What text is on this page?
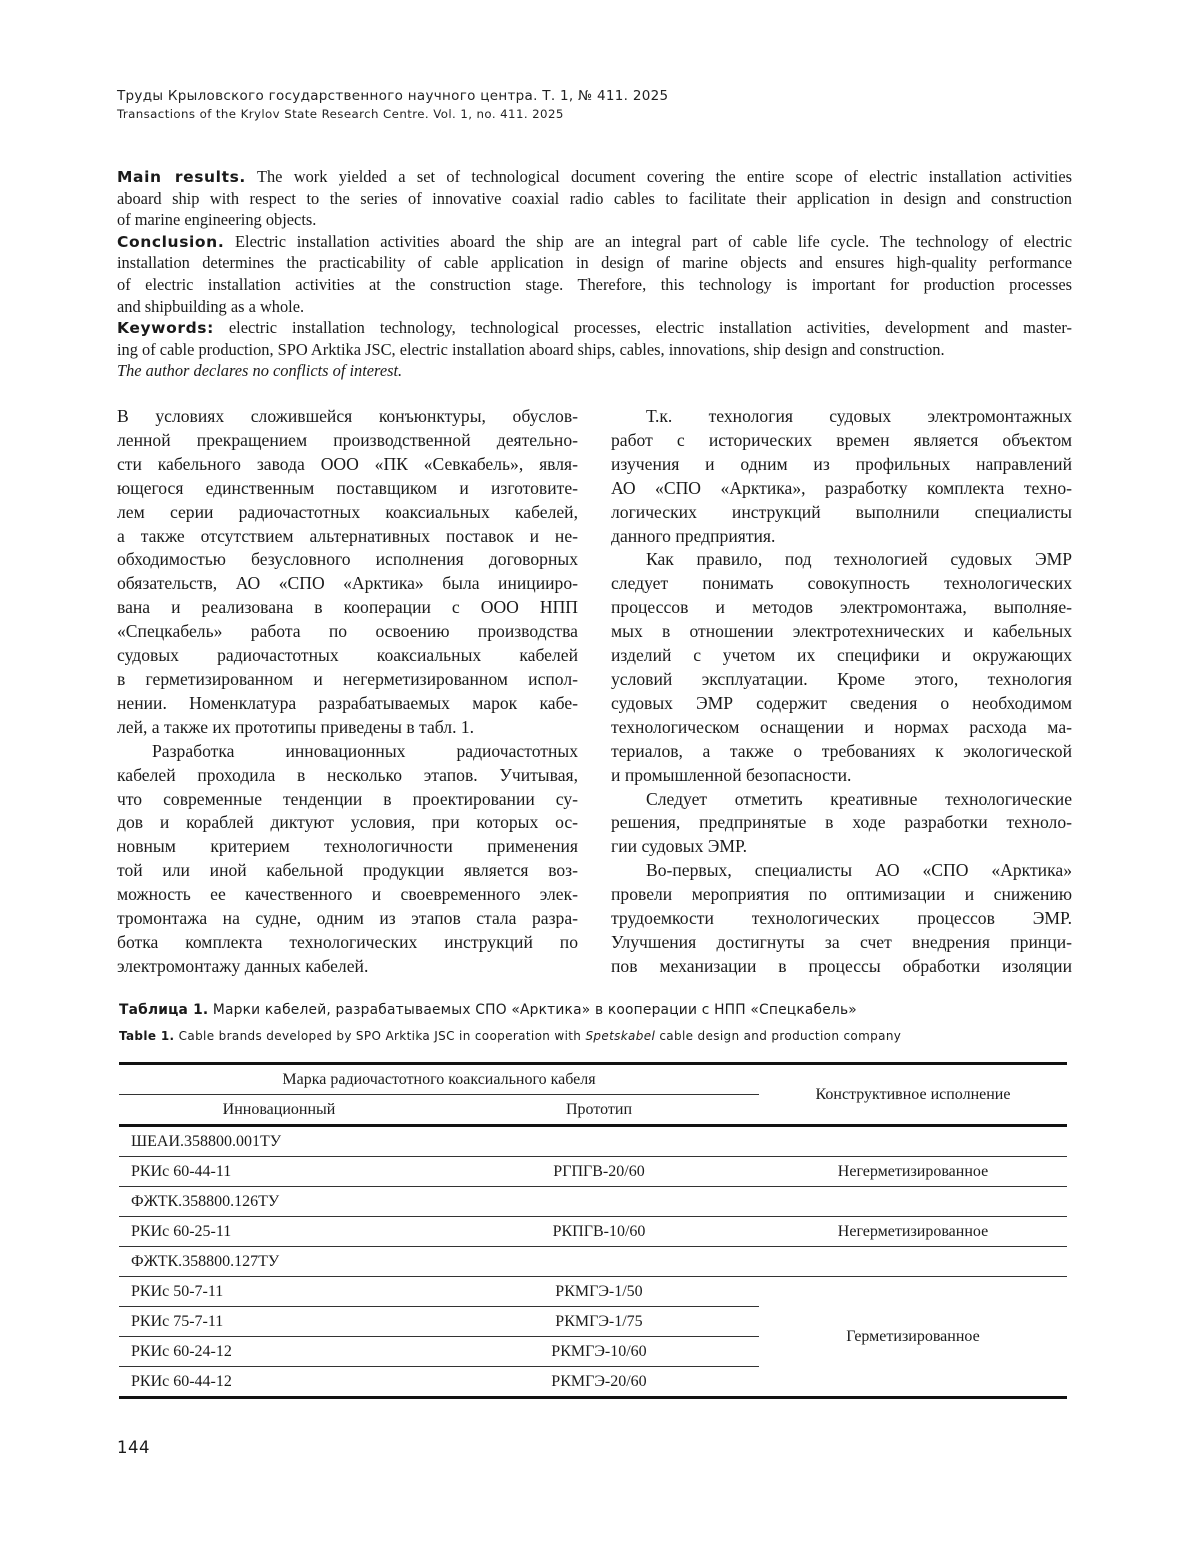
Труды Крыловского государственного научного центра. Т. 1, № 411. 2025
Transactions of the Krylov State Research Centre. Vol. 1, no. 411. 2025
Main results. The work yielded a set of technological document covering the entire scope of electric installation activities
aboard ship with respect to the series of innovative coaxial radio cables to facilitate their application in design and construction
of marine engineering objects.
Conclusion. Electric installation activities aboard the ship are an integral part of cable life cycle. The technology of electric
installation determines the practicability of cable application in design of marine objects and ensures high-quality performance
of electric installation activities at the construction stage. Therefore, this technology is important for production processes
and shipbuilding as a whole.
Keywords: electric installation technology, technological processes, electric installation activities, development and master-
ing of cable production, SPO Arktika JSC, electric installation aboard ships, cables, innovations, ship design and construction.
The author declares no conflicts of interest.
В условиях сложившейся конъюнктуры, обуслов-
ленной прекращением производственной деятельно-
сти кабельного завода ООО «ПК «Севкабель», явля-
ющегося единственным поставщиком и изготовите-
лем серии радиочастотных коаксиальных кабелей,
а также отсутствием альтернативных поставок и не-
обходимостью безусловного исполнения договорных
обязательств, АО «СПО «Арктика» была иницииро-
вана и реализована в кооперации с ООО НПП
«Спецкабель» работа по освоению производства
судовых радиочастотных коаксиальных кабелей
в герметизированном и негерметизированном испол-
нении. Номенклатура разрабатываемых марок кабе-
лей, а также их прототипы приведены в табл. 1.
Разработка инновационных радиочастотных
кабелей проходила в несколько этапов. Учитывая,
что современные тенденции в проектировании су-
дов и кораблей диктуют условия, при которых ос-
новным критерием технологичности применения
той или иной кабельной продукции является воз-
можность ее качественного и своевременного элек-
тромонтажа на судне, одним из этапов стала разра-
ботка комплекта технологических инструкций по
электромонтажу данных кабелей.
Т.к. технология судовых электромонтажных
работ с исторических времен является объектом
изучения и одним из профильных направлений
АО «СПО «Арктика», разработку комплекта техно-
логических инструкций выполнили специалисты
данного предприятия.
Как правило, под технологией судовых ЭМР
следует понимать совокупность технологических
процессов и методов электромонтажа, выполняе-
мых в отношении электротехнических и кабельных
изделий с учетом их специфики и окружающих
условий эксплуатации. Кроме этого, технология
судовых ЭМР содержит сведения о необходимом
технологическом оснащении и нормах расхода ма-
териалов, а также о требованиях к экологической
и промышленной безопасности.
Следует отметить креативные технологические
решения, предпринятые в ходе разработки техноло-
гии судовых ЭМР.
Во-первых, специалисты АО «СПО «Арктика»
провели мероприятия по оптимизации и снижению
трудоемкости технологических процессов ЭМР.
Улучшения достигнуты за счет внедрения принци-
пов механизации в процессы обработки изоляции
Таблица 1. Марки кабелей, разрабатываемых СПО «Арктика» в кооперации с НПП «Спецкабель»
Table 1. Cable brands developed by SPO Arktika JSC in cooperation with Spetskabel cable design and production company
Марка радиочастотного коаксиального кабеля	Конструктивное исполнение
Инновационный	Прототип
ШЕАИ.358800.001ТУ		
РКИс 60-44-11	РГПГВ-20/60	Негерметизированное
ФЖТК.358800.126ТУ		
РКИс 60-25-11	РКПГВ-10/60	Негерметизированное
ФЖТК.358800.127ТУ		
РКИс 50-7-11	РКМГЭ-1/50	Герметизированное
РКИс 75-7-11	РКМГЭ-1/75
РКИс 60-24-12	РКМГЭ-10/60
РКИс 60-44-12	РКМГЭ-20/60
144
